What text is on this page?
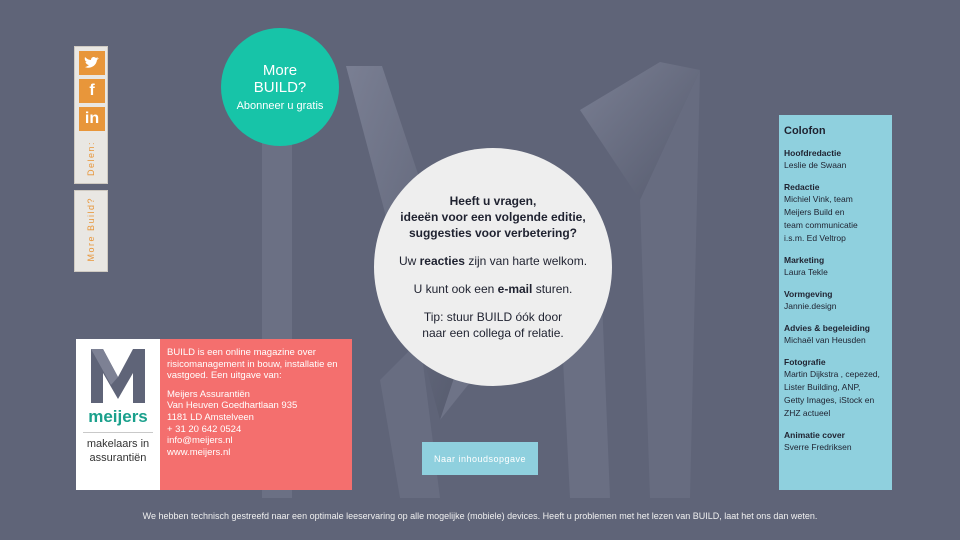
f
in
Delen:
More Build?
More
BUILD?
Abonneer u gratis
Heeft u vragen,
ideeën voor een volgende editie,
suggesties voor verbetering?

Uw reacties zijn van harte welkom.

U kunt ook een e-mail sturen.

Tip: stuur BUILD óók door
naar een collega of relatie.

Naar inhoudsopgave
meijers
makelaars in
assurantiën
BUILD is een online magazine over risicomanagement in bouw, installatie en vastgoed. Een uitgave van:
Meijers Assurantiën
Van Heuven Goedhartlaan 935
1181 LD Amstelveen
+ 31 20 642 0524
info@meijers.nl
www.meijers.nl
Colofon
Hoofdredactie
Leslie de Swaan
Redactie
Michiel Vink, team
Meijers Build en
team communicatie
i.s.m. Ed Veltrop
Marketing
Laura Tekle
Vormgeving
Jannie.design
Advies & begeleiding
Michaël van Heusden
Fotografie
Martin Dijkstra , cepezed,
Lister Building, ANP,
Getty Images, iStock en
ZHZ actueel
Animatie cover
Sverre Fredriksen
We hebben technisch gestreefd naar een optimale leeservaring op alle mogelijke (mobiele) devices. Heeft u problemen met het lezen van BUILD, laat het ons dan weten.
